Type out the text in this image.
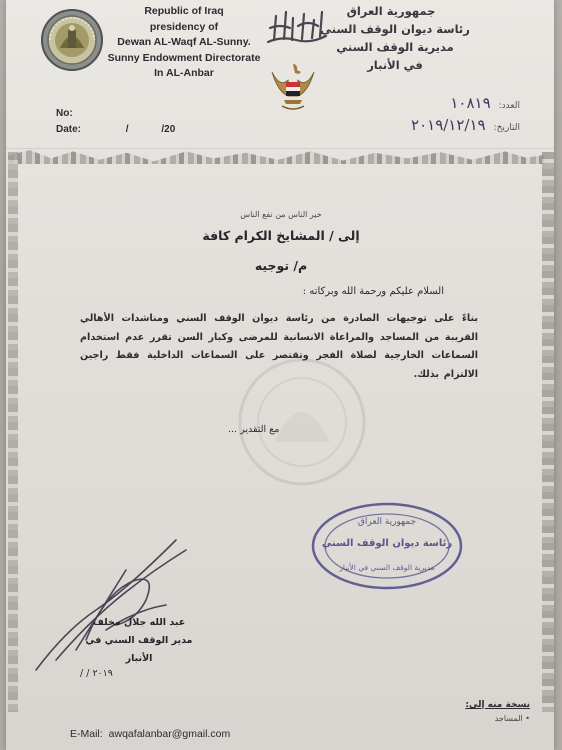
Republic of Iraq
presidency of
Dewan AL-Waqf AL-Sunny.
Sunny Endowment Directorate
In AL-Anbar
جمهورية العراق
رئاسة ديوان الوقف السني
مديرية الوقف السني
في الأنبار
No:
Date:	/	/20
العدد:
١٠٨١٩
التاريخ:
٢٠١٩/١٢/١٩
خير الناس من نفع الناس
إلى / المشايخ الكرام كافة
م/ توجيه
السلام عليكم ورحمة الله وبركاته :
بناءً على توجيهات الصادرة من رئاسة ديوان الوقف السني ومناشدات الأهالي القريبة من المساجد والمراعاة الانسانية للمرضى وكبار السن تقرر عدم استخدام السماعات الخارجية لصلاة الفجر وتقتصر على السماعات الداخلية فقط راجين الالتزام بذلك.
مع التقدير ...
جمهورية العراق
رئاسة ديوان الوقف السني
مديرية الوقف السني في الأنبار
عبد الله جلال مخلف
مدير الوقف السني في الأنبار
٢٠١٩ / /
نسخة منه إلى:
• المساجد
E-Mail: awqafalanbar@gmail.com
